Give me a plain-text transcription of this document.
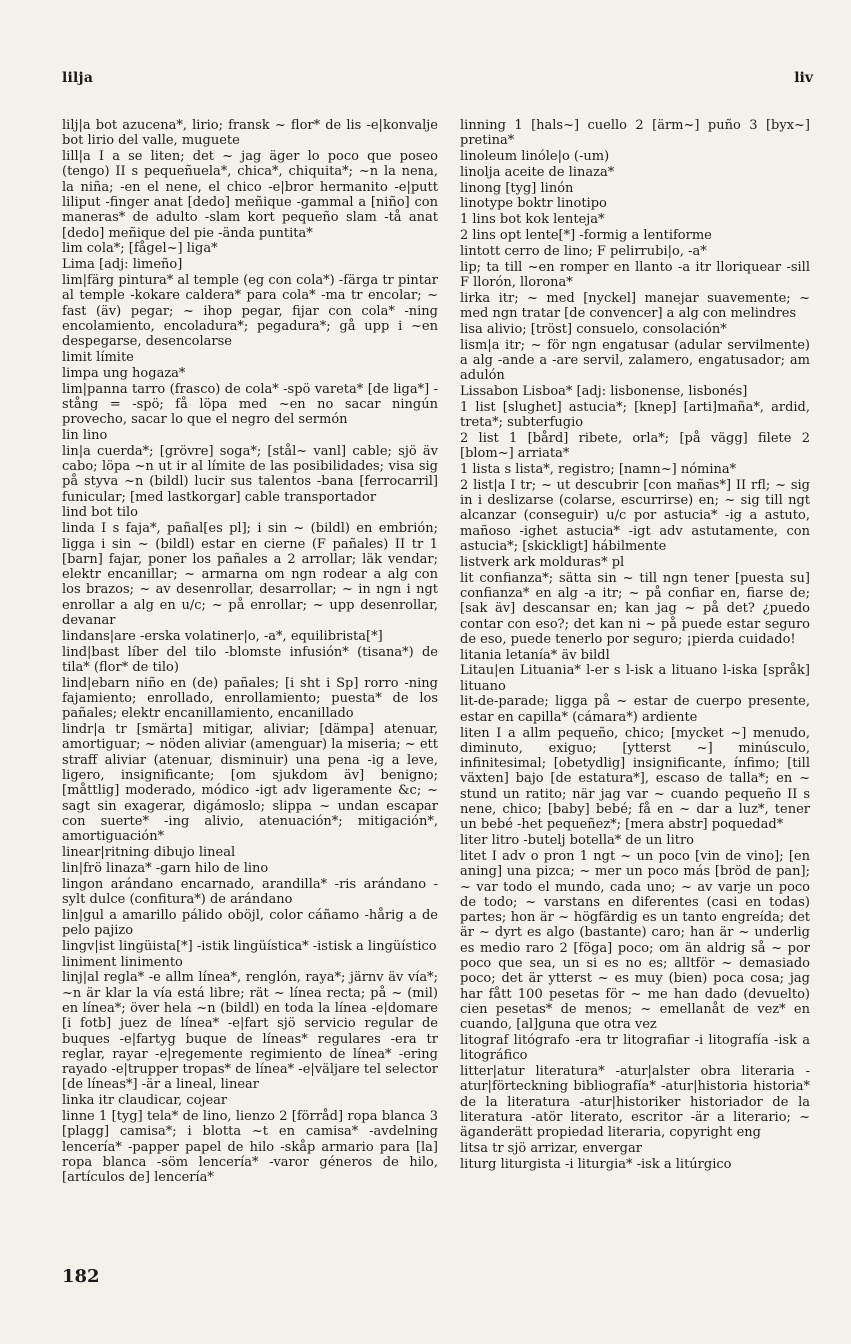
lilja	liv

lilj|a bot azucena*, lirio; fransk ~ flor* de lis -e|konvalje bot lirio del valle, muguete

lill|a I a se liten; det ~ jag äger lo poco que poseo (tengo) II s pequeñuela*, chica*, chiquita*; ~n la nena, la niña; -en el nene, el chico -e|bror hermanito -e|putt liliput -finger anat [dedo] meñique -gammal a [niño] con maneras* de adulto -slam kort pequeño slam -tå anat [dedo] meñique del pie -ända puntita*

lim cola*; [fågel~] liga*

Lima [adj: limeño]

lim|färg pintura* al temple (eg con cola*) -färga tr pintar al temple -kokare caldera* para cola* -ma tr encolar; ~ fast (äv) pegar; ~ ihop pegar, fijar con cola* -ning encolamiento, encoladura*; pegadura*; gå upp i ~en despegarse, desencolarse

limit límite

limpa ung hogaza*

lim|panna tarro (frasco) de cola* -spö vareta* [de liga*] -stång = -spö; få löpa med ~en no sacar ningún provecho, sacar lo que el negro del sermón

lin lino

lin|a cuerda*; [grövre] soga*; [stål~ vanl] cable; sjö äv cabo; löpa ~n ut ir al límite de las posibilidades; visa sig på styva ~n (bildl) lucir sus talentos -bana [ferrocarril] funicular; [med lastkorgar] cable transportador

lind bot tilo

linda I s faja*, pañal[es pl]; i sin ~ (bildl) en embrión; ligga i sin ~ (bildl) estar en cierne (F pañales) II tr 1 [barn] fajar, poner los pañales a 2 arrollar; läk vendar; elektr encanillar; ~ armarna om ngn rodear a alg con los brazos; ~ av desenrollar, desarrollar; ~ in ngn i ngt enrollar a alg en u/c; ~ på enrollar; ~ upp desenrollar, devanar

lindans|are -erska volatiner|o, -a*, equilibrista[*]

lind|bast líber del tilo -blomste infusión* (tisana*) de tila* (flor* de tilo)

lind|ebarn niño en (de) pañales; [i sht i Sp] rorro -ning fajamiento; enrollado, enrollamiento; puesta* de los pañales; elektr encanillamiento, encanillado

lindr|a tr [smärta] mitigar, aliviar; [dämpa] atenuar, amortiguar; ~ nöden aliviar (amenguar) la miseria; ~ ett straff aliviar (atenuar, disminuir) una pena -ig a leve, ligero, insignificante; [om sjukdom äv] benigno; [måttlig] moderado, módico -igt adv ligeramente &c; ~ sagt sin exagerar, digámoslo; slippa ~ undan escapar con suerte* -ing alivio, atenuación*; mitigación*, amortiguación*

linear|ritning dibujo lineal

lin|frö linaza* -garn hilo de lino

lingon arándano encarnado, arandilla* -ris arándano -sylt dulce (confitura*) de arándano

lin|gul a amarillo pálido oböjl, color cáñamo -hårig a de pelo pajizo

lingv|ist lingüista[*] -istik lingüística* -istisk a lingüístico

liniment linimento

linj|al regla* -e allm línea*, renglón, raya*; järnv äv vía*; ~n är klar la vía está libre; rät ~ línea recta; på ~ (mil) en línea*; över hela ~n (bildl) en toda la línea -e|domare [i fotb] juez de línea* -e|fart sjö servicio regular de buques -e|fartyg buque de líneas* regulares -era tr reglar, rayar -e|regemente regimiento de línea* -ering rayado -e|trupper tropas* de línea* -e|väljare tel selector [de líneas*] -är a lineal, linear

linka itr claudicar, cojear

linne 1 [tyg] tela* de lino, lienzo 2 [förråd] ropa blanca 3 [plagg] camisa*; i blotta ~t en camisa* -avdelning lencería* -papper papel de hilo -skåp armario para [la] ropa blanca -söm lencería* -varor géneros de hilo, [artículos de] lencería*

linning 1 [hals~] cuello 2 [ärm~] puño 3 [byx~] pretina*

linoleum linóle|o (-um)

linolja aceite de linaza*

linong [tyg] linón

linotype boktr linotipo

1 lins bot kok lenteja*

2 lins opt lente[*] -formig a lentiforme

lintott cerro de lino; F pelirrubi|o, -a*

lip; ta till ~en romper en llanto -a itr lloriquear -sill F llorón, llorona*

lirka itr; ~ med [nyckel] manejar suavemente; ~ med ngn tratar [de convencer] a alg con melindres

lisa alivio; [tröst] consuelo, consolación*

lism|a itr; ~ för ngn engatusar (adular servilmente) a alg -ande a -are servil, zalamero, engatusador; am adulón

Lissabon Lisboa* [adj: lisbonense, lisbonés]

1 list [slughet] astucia*; [knep] [arti]maña*, ardid, treta*; subterfugio

2 list 1 [bård] ribete, orla*; [på vägg] filete 2 [blom~] arriata*

1 lista s lista*, registro; [namn~] nómina*

2 list|a I tr; ~ ut descubrir [con mañas*] II rfl; ~ sig in i deslizarse (colarse, escurrirse) en; ~ sig till ngt alcanzar (conseguir) u/c por astucia* -ig a astuto, mañoso -ighet astucia* -igt adv astutamente, con astucia*; [skickligt] hábilmente

listverk ark molduras* pl

lit confianza*; sätta sin ~ till ngn tener [puesta su] confianza* en alg -a itr; ~ på confiar en, fiarse de; [sak äv] descansar en; kan jag ~ på det? ¿puedo contar con eso?; det kan ni ~ på puede estar seguro de eso, puede tenerlo por seguro; ¡pierda cuidado!

litania letanía* äv bildl

Litau|en Lituania* l-er s l-isk a lituano l-iska [språk] lituano

lit-de-parade; ligga på ~ estar de cuerpo presente, estar en capilla* (cámara*) ardiente

liten I a allm pequeño, chico; [mycket ~] menudo, diminuto, exiguo; [ytterst ~] minúsculo, infinitesimal; [obetydlig] insignificante, ínfimo; [till växten] bajo [de estatura*], escaso de talla*; en ~ stund un ratito; när jag var ~ cuando pequeño II s nene, chico; [baby] bebé; få en ~ dar a luz*, tener un bebé -het pequeñez*; [mera abstr] poquedad*

liter litro -butelj botella* de un litro

litet I adv o pron 1 ngt ~ un poco [vin de vino]; [en aning] una pizca; ~ mer un poco más [bröd de pan]; ~ var todo el mundo, cada uno; ~ av varje un poco de todo; ~ varstans en diferentes (casi en todas) partes; hon är ~ högfärdig es un tanto engreída; det är ~ dyrt es algo (bastante) caro; han är ~ underlig es medio raro 2 [föga] poco; om än aldrig så ~ por poco que sea, un si es no es; alltför ~ demasiado poco; det är ytterst ~ es muy (bien) poca cosa; jag har fått 100 pesetas för ~ me han dado (devuelto) cien pesetas* de menos; ~ emellanåt de vez* en cuando, [al]guna que otra vez

litograf litógrafo -era tr litografiar -i litografía -isk a litográfico

litter|atur literatura* -atur|alster obra literaria -atur|förteckning bibliografía* -atur|historia historia* de la literatura -atur|historiker historiador de la literatura -atör literato, escritor -är a literario; ~ äganderätt propiedad literaria, copyright eng

litsa tr sjö arrizar, envergar

liturg liturgista -i liturgia* -isk a litúrgico

182
